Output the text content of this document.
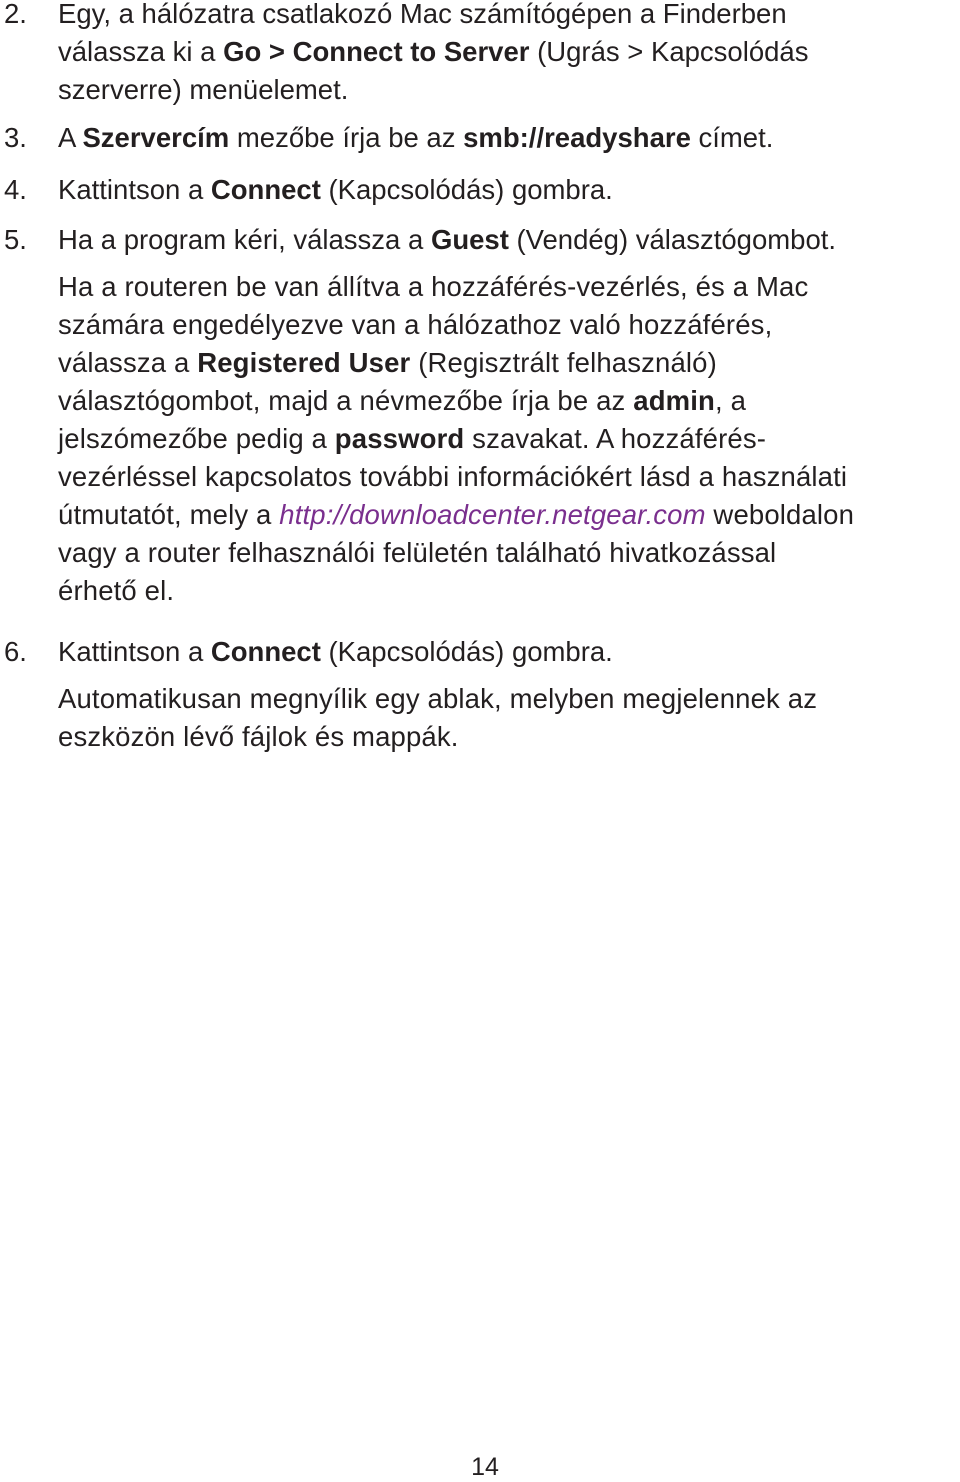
2.	Egy, a hálózatra csatlakozó Mac számítógépen a Finderben
válassza ki a Go > Connect to Server (Ugrás > Kapcsolódás
szerverre) menüelemet.
3.	A Szervercím mezőbe írja be az smb://readyshare címet.
4.	Kattintson a Connect (Kapcsolódás) gombra.
5.	Ha a program kéri, válassza a Guest (Vendég) választógombot.
Ha a routeren be van állítva a hozzáférés-vezérlés, és a Mac
számára engedélyezve van a hálózathoz való hozzáférés,
válassza a Registered User (Regisztrált felhasználó)
választógombot, majd a névmezőbe írja be az admin, a
jelszómezőbe pedig a password szavakat. A hozzáférés-
vezérléssel kapcsolatos további információkért lásd a használati
útmutatót, mely a http://downloadcenter.netgear.com weboldalon
vagy a router felhasználói felületén található hivatkozással
érhető el.
6.	Kattintson a Connect (Kapcsolódás) gombra.
Automatikusan megnyílik egy ablak, melyben megjelennek az
eszközön lévő fájlok és mappák.
14
